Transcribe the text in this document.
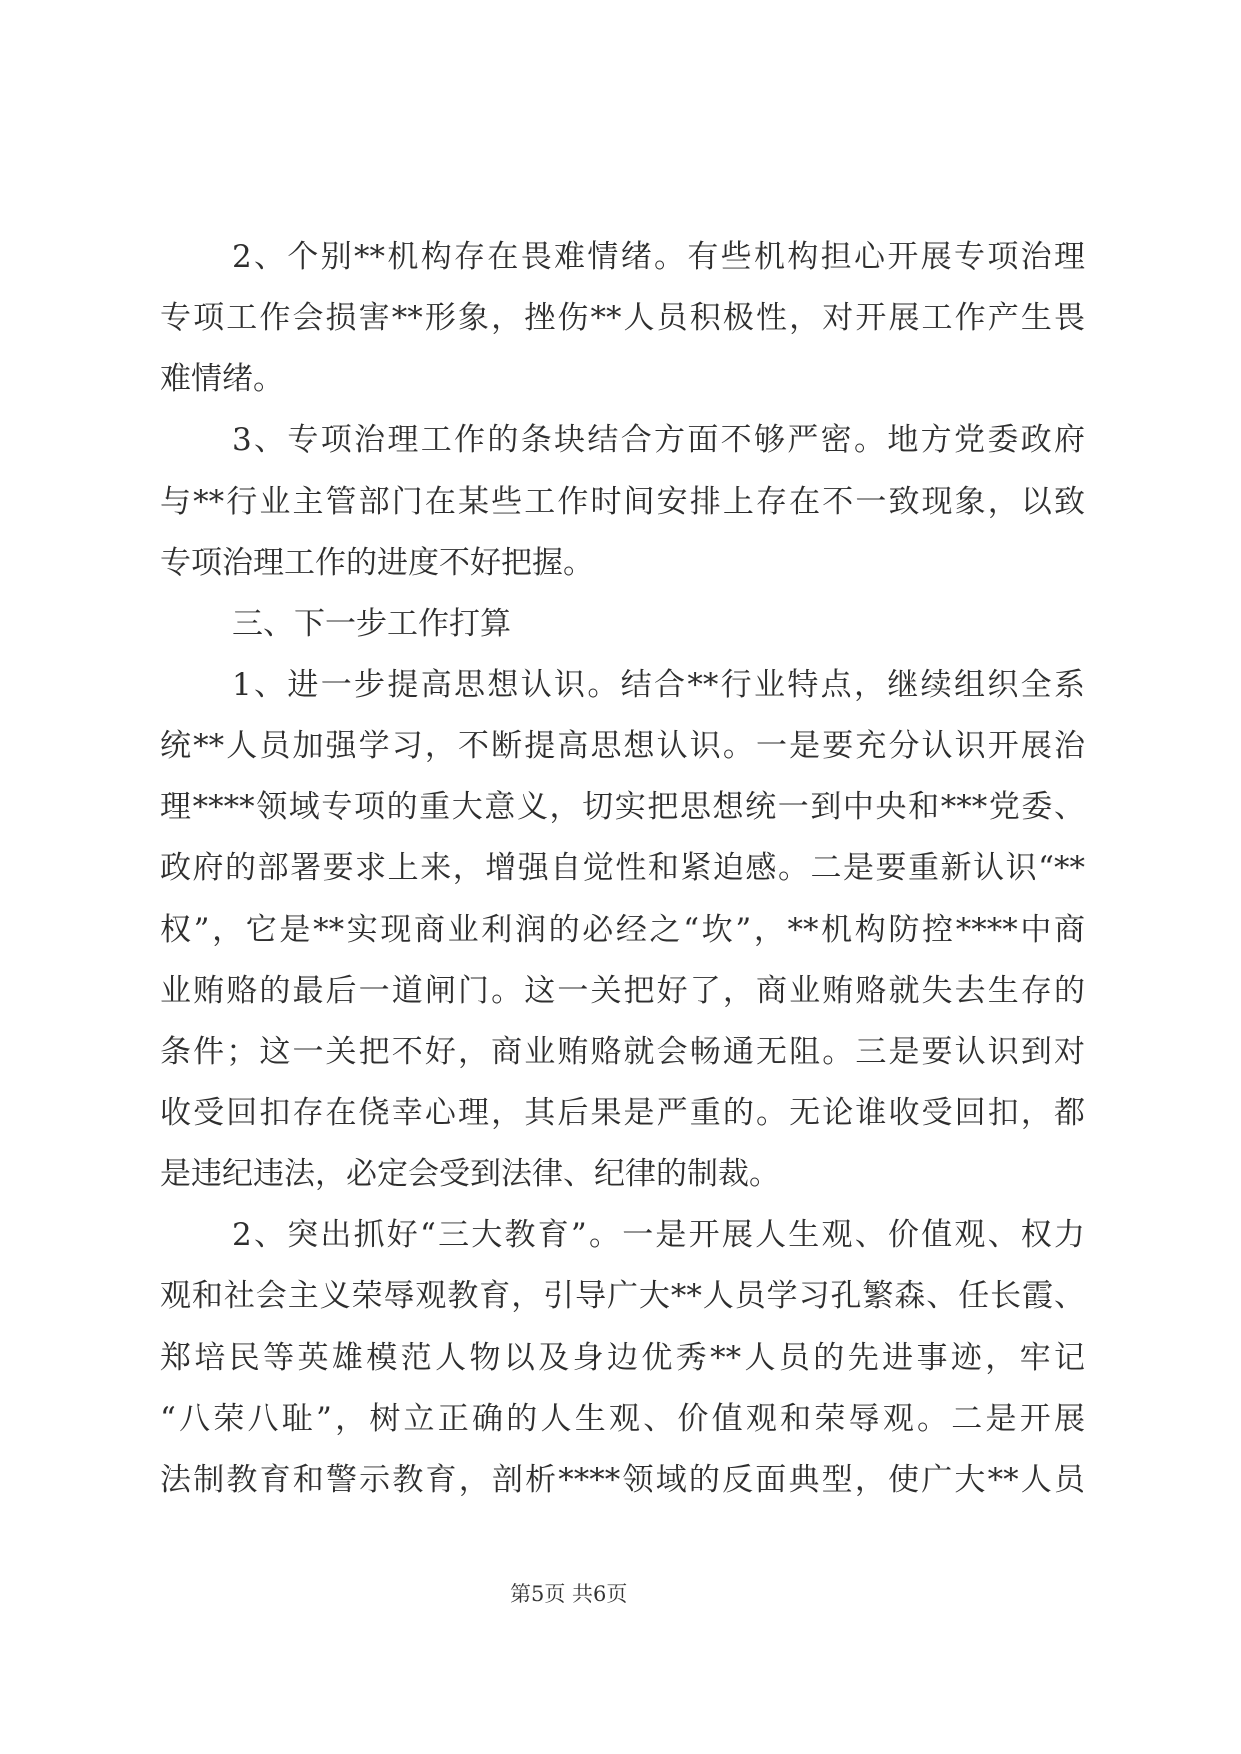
2、个别**机构存在畏难情绪。有些机构担心开展专项治理
专项工作会损害**形象，挫伤**人员积极性，对开展工作产生畏
难情绪。
3、专项治理工作的条块结合方面不够严密。地方党委政府
与**行业主管部门在某些工作时间安排上存在不一致现象，以致
专项治理工作的进度不好把握。
三、下一步工作打算
1、进一步提高思想认识。结合**行业特点，继续组织全系
统**人员加强学习，不断提高思想认识。一是要充分认识开展治
理****领域专项的重大意义，切实把思想统一到中央和***党委、
政府的部署要求上来，增强自觉性和紧迫感。二是要重新认识“**
权”，它是**实现商业利润的必经之“坎”，**机构防控****中商
业贿赂的最后一道闸门。这一关把好了，商业贿赂就失去生存的
条件；这一关把不好，商业贿赂就会畅通无阻。三是要认识到对
收受回扣存在侥幸心理，其后果是严重的。无论谁收受回扣，都
是违纪违法，必定会受到法律、纪律的制裁。
2、突出抓好“三大教育”。一是开展人生观、价值观、权力
观和社会主义荣辱观教育，引导广大**人员学习孔繁森、任长霞、
郑培民等英雄模范人物以及身边优秀**人员的先进事迹，牢记
“八荣八耻”，树立正确的人生观、价值观和荣辱观。二是开展
法制教育和警示教育，剖析****领域的反面典型，使广大**人员
第5页 共6页
